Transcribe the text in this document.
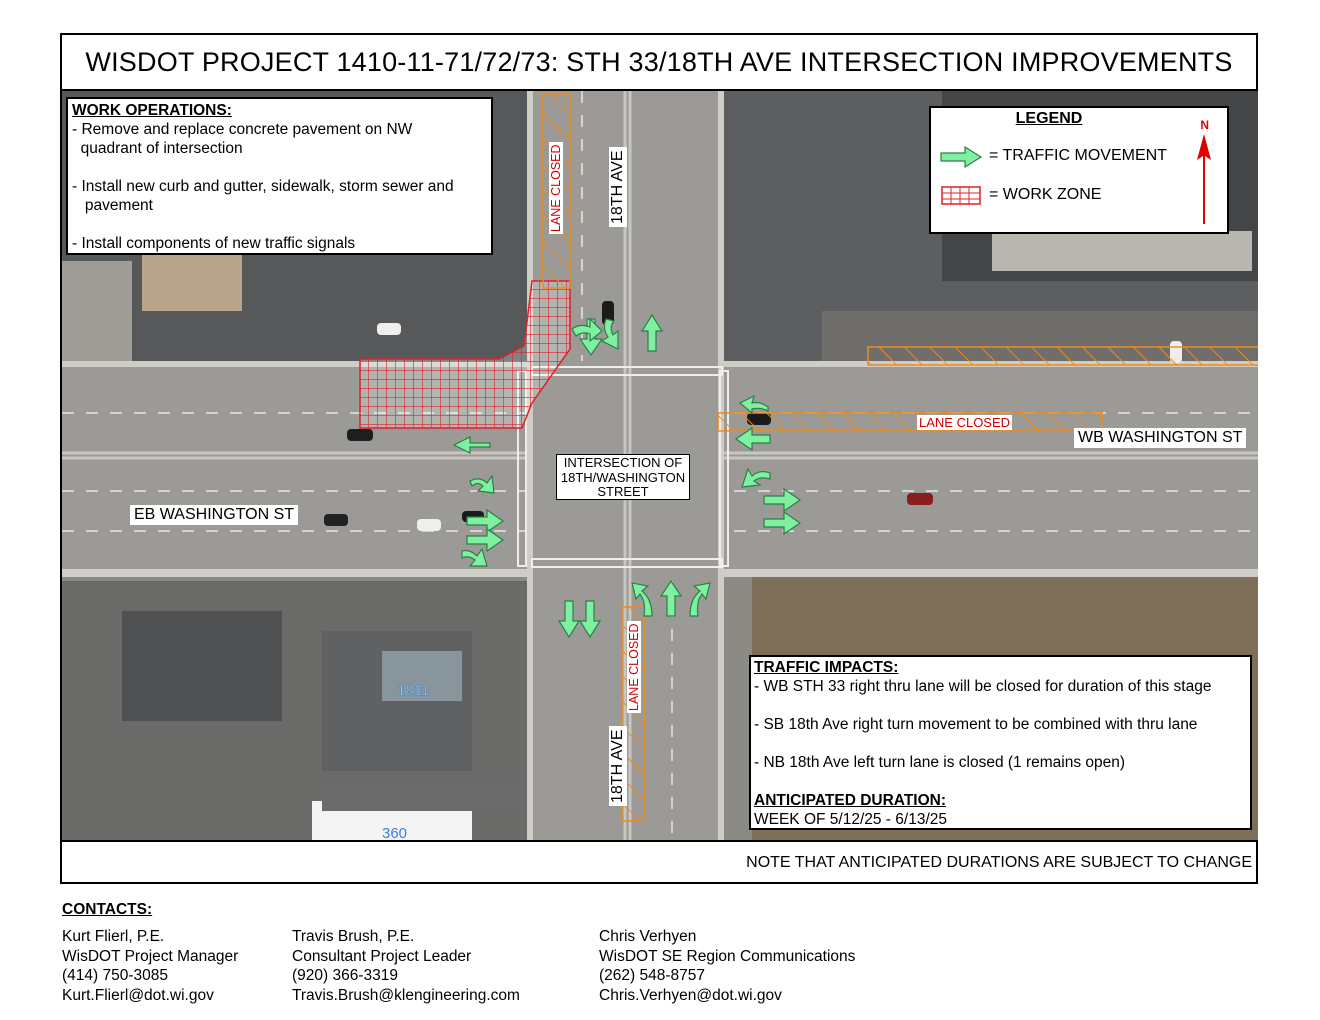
WISDOT PROJECT 1410-11-71/72/73: STH 33/18TH AVE INTERSECTION IMPROVEMENTS
1811
360
18TH AVE
18TH AVE
WB WASHINGTON ST
EB WASHINGTON ST
LANE CLOSED
LANE CLOSED
LANE CLOSED
INTERSECTION OF
18TH/WASHINGTON
STREET
WORK OPERATIONS:
- Remove and replace concrete pavement on NW
quadrant of intersection
- Install new curb and gutter, sidewalk, storm sewer and
pavement
- Install components of new traffic signals
LEGEND
= TRAFFIC MOVEMENT
= WORK ZONE
N
TRAFFIC IMPACTS:
- WB STH 33 right thru lane will be closed for duration of this stage
- SB 18th Ave right turn movement to be combined with thru lane
- NB 18th Ave left turn lane is closed (1 remains open)
ANTICIPATED DURATION:
WEEK OF 5/12/25 - 6/13/25
NOTE THAT ANTICIPATED DURATIONS ARE SUBJECT TO CHANGE
CONTACTS:
Kurt Flierl, P.E.
WisDOT Project Manager
(414) 750-3085
Kurt.Flierl@dot.wi.gov
Travis Brush, P.E.
Consultant Project Leader
(920) 366-3319
Travis.Brush@klengineering.com
Chris Verhyen
WisDOT SE Region Communications
(262) 548-8757
Chris.Verhyen@dot.wi.gov
